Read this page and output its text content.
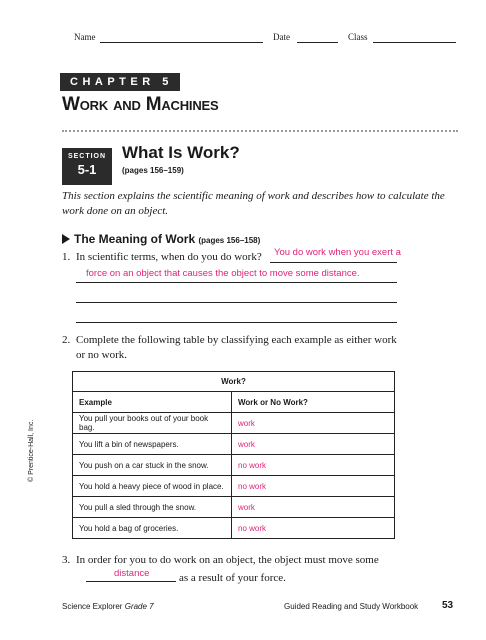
Name	Date	Class
CHAPTER 5
Work and Machines
SECTION
5-1
What Is Work?
(pages 156–159)
This section explains the scientific meaning of work and describes how to calculate the work done on an object.
The Meaning of Work (pages 156–158)
1. In scientific terms, when do you do work? You do work when you exert a
force on an object that causes the object to move some distance.
2. Complete the following table by classifying each example as either work or no work.
Work?	
Example	Work or No Work?
You pull your books out of your book bag.	work
You lift a bin of newspapers.	work
You push on a car stuck in the snow.	no work
You hold a heavy piece of wood in place.	no work
You pull a sled through the snow.	work
You hold a bag of groceries.	no work
© Prentice-Hall, Inc.
3. In order for you to do work on an object, the object must move some
distance	as a result of your force.
Science Explorer Grade 7	Guided Reading and Study Workbook 53
